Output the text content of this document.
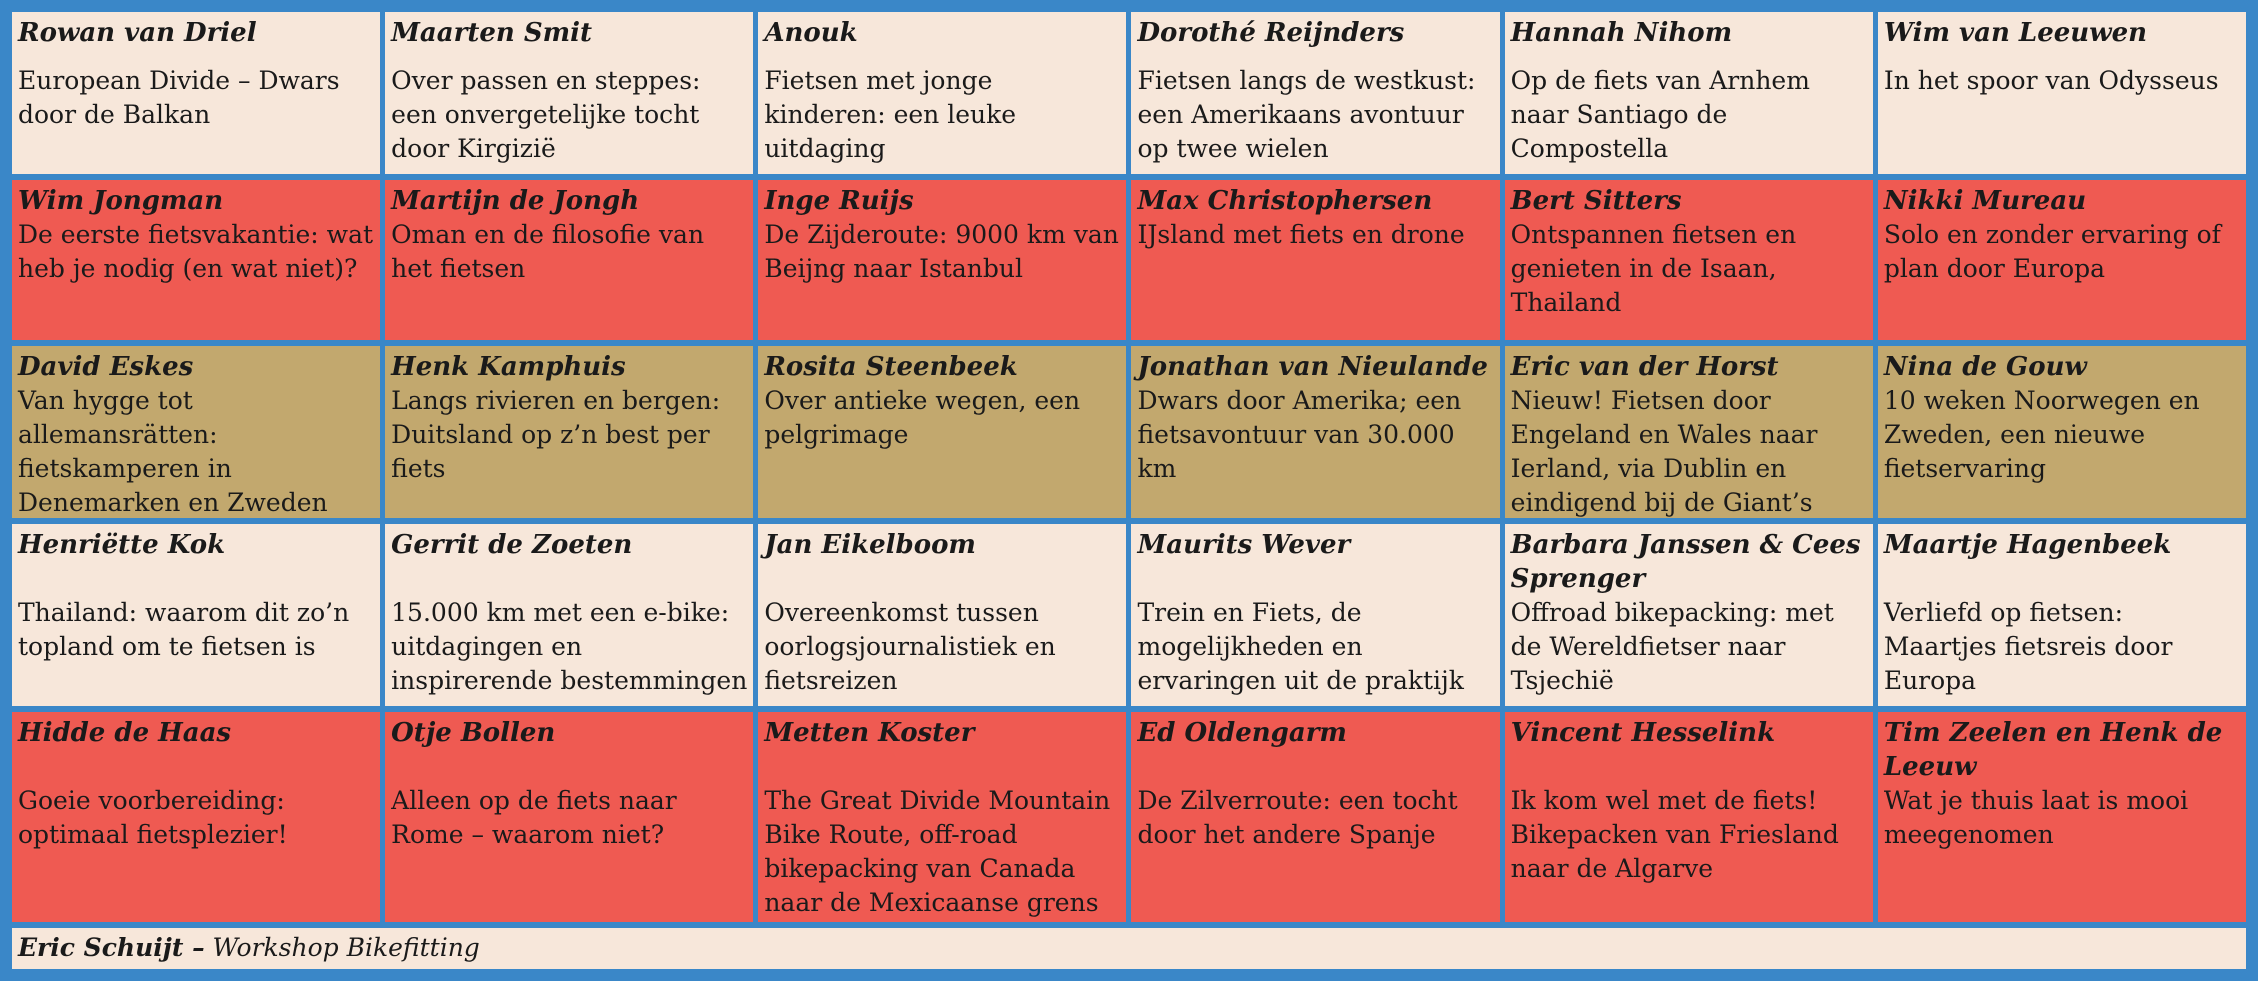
Rowan van Driel
European Divide – Dwars door de Balkan
Maarten Smit
Over passen en steppes: een onvergetelijke tocht door Kirgizië
Anouk
Fietsen met jonge kinderen: een leuke uitdaging
Dorothé Reijnders
Fietsen langs de westkust: een Amerikaans avontuur op twee wielen
Hannah Nihom
Op de fiets van Arnhem naar Santiago de Compostella
Wim van Leeuwen
In het spoor van Odysseus
Wim Jongman
De eerste fietsvakantie: wat heb je nodig (en wat niet)?
Martijn de Jongh
Oman en de filosofie van het fietsen
Inge Ruijs
De Zijderoute: 9000 km van Beijng naar Istanbul
Max Christophersen
IJsland met fiets en drone
Bert Sitters
Ontspannen fietsen en genieten in de Isaan, Thailand
Nikki Mureau
Solo en zonder ervaring of plan door Europa
David Eskes
Van hygge tot allemansrätten: fietskamperen in Denemarken en Zweden
Henk Kamphuis
Langs rivieren en bergen: Duitsland op z’n best per fiets
Rosita Steenbeek
Over antieke wegen, een pelgrimage
Jonathan van Nieulande
Dwars door Amerika; een fietsavontuur van 30.000 km
Eric van der Horst
Nieuw! Fietsen door Engeland en Wales naar Ierland, via Dublin en eindigend bij de Giant’s
Nina de Gouw
10 weken Noorwegen en Zweden, een nieuwe fietservaring
Henriëtte Kok
Thailand: waarom dit zo’n topland om te fietsen is
Gerrit de Zoeten
15.000 km met een e-bike: uitdagingen en inspirerende bestemmingen
Jan Eikelboom
Overeenkomst tussen oorlogsjournalistiek en fietsreizen
Maurits Wever
Trein en Fiets, de mogelijkheden en ervaringen uit de praktijk
Barbara Janssen & Cees Sprenger
Offroad bikepacking: met de Wereldfietser naar Tsjechië
Maartje Hagenbeek
Verliefd op fietsen: Maartjes fietsreis door Europa
Hidde de Haas
Goeie voorbereiding: optimaal fietsplezier!
Otje Bollen
Alleen op de fiets naar Rome – waarom niet?
Metten Koster
The Great Divide Mountain Bike Route, off-road bikepacking van Canada naar de Mexicaanse grens
Ed Oldengarm
De Zilverroute: een tocht door het andere Spanje
Vincent Hesselink
Ik kom wel met de fiets! Bikepacken van Friesland naar de Algarve
Tim Zeelen en Henk de Leeuw
Wat je thuis laat is mooi meegenomen
Eric Schuijt – Workshop Bikefitting
